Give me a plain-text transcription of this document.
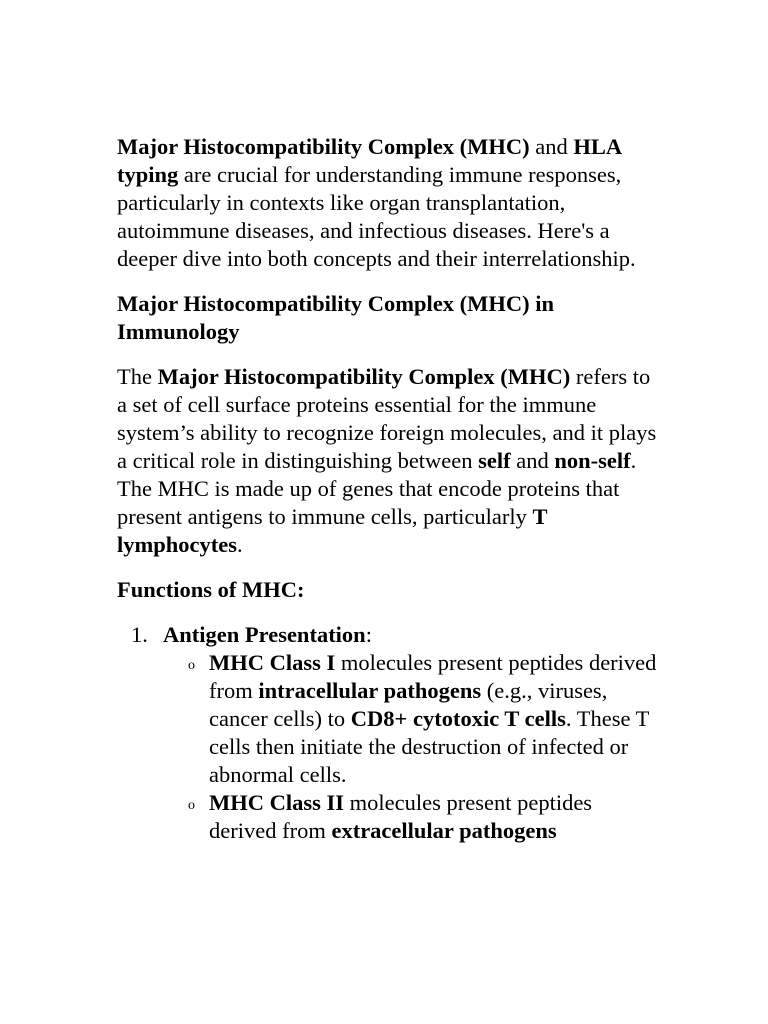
Major Histocompatibility Complex (MHC) and HLA typing are crucial for understanding immune responses, particularly in contexts like organ transplantation, autoimmune diseases, and infectious diseases. Here's a deeper dive into both concepts and their interrelationship.

Major Histocompatibility Complex (MHC) in Immunology

The Major Histocompatibility Complex (MHC) refers to a set of cell surface proteins essential for the immune system’s ability to recognize foreign molecules, and it plays a critical role in distinguishing between self and non-self. The MHC is made up of genes that encode proteins that present antigens to immune cells, particularly T lymphocytes.

Functions of MHC:

1. Antigen Presentation:
o MHC Class I molecules present peptides derived from intracellular pathogens (e.g., viruses, cancer cells) to CD8+ cytotoxic T cells. These T cells then initiate the destruction of infected or abnormal cells.
o MHC Class II molecules present peptides derived from extracellular pathogens
